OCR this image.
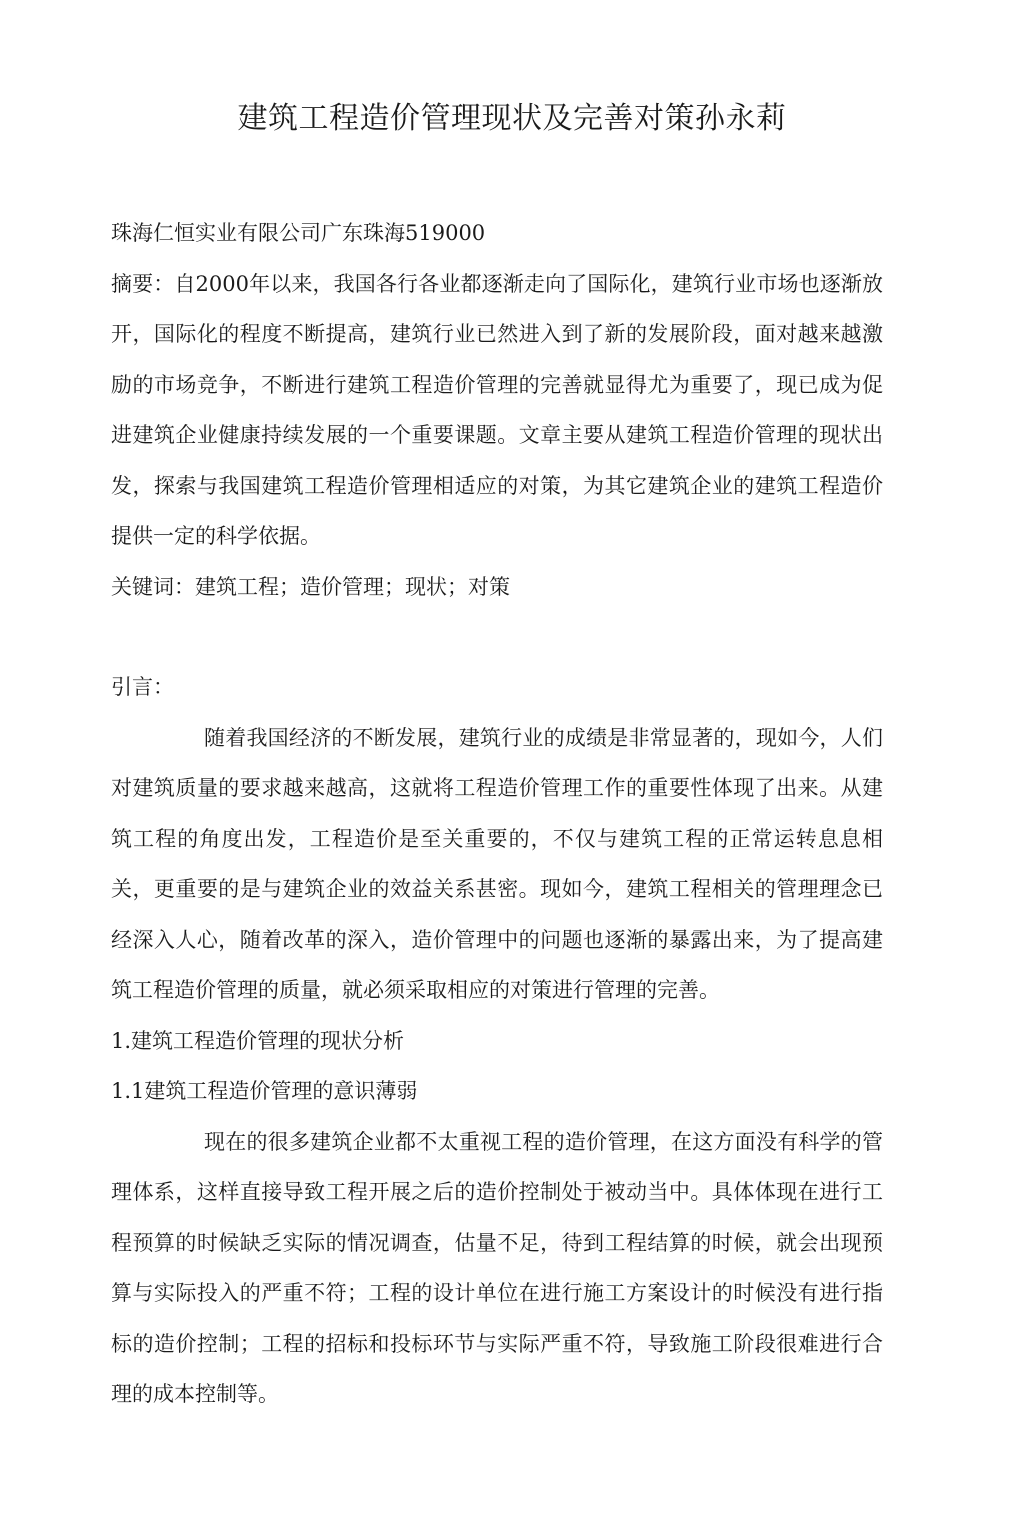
建筑工程造价管理现状及完善对策孙永莉

珠海仁恒实业有限公司广东珠海519000

摘要：自2000年以来，我国各行各业都逐渐走向了国际化，建筑行业市场也逐渐放开，国际化的程度不断提高，建筑行业已然进入到了新的发展阶段，面对越来越激励的市场竞争，不断进行建筑工程造价管理的完善就显得尤为重要了，现已成为促进建筑企业健康持续发展的一个重要课题。文章主要从建筑工程造价管理的现状出发，探索与我国建筑工程造价管理相适应的对策，为其它建筑企业的建筑工程造价提供一定的科学依据。

关键词：建筑工程；造价管理；现状；对策

引言：

随着我国经济的不断发展，建筑行业的成绩是非常显著的，现如今，人们对建筑质量的要求越来越高，这就将工程造价管理工作的重要性体现了出来。从建筑工程的角度出发，工程造价是至关重要的，不仅与建筑工程的正常运转息息相关，更重要的是与建筑企业的效益关系甚密。现如今，建筑工程相关的管理理念已经深入人心，随着改革的深入，造价管理中的问题也逐渐的暴露出来，为了提高建筑工程造价管理的质量，就必须采取相应的对策进行管理的完善。

1.建筑工程造价管理的现状分析

1.1建筑工程造价管理的意识薄弱

现在的很多建筑企业都不太重视工程的造价管理，在这方面没有科学的管理体系，这样直接导致工程开展之后的造价控制处于被动当中。具体体现在进行工程预算的时候缺乏实际的情况调查，估量不足，待到工程结算的时候，就会出现预算与实际投入的严重不符；工程的设计单位在进行施工方案设计的时候没有进行指标的造价控制；工程的招标和投标环节与实际严重不符，导致施工阶段很难进行合理的成本控制等。
